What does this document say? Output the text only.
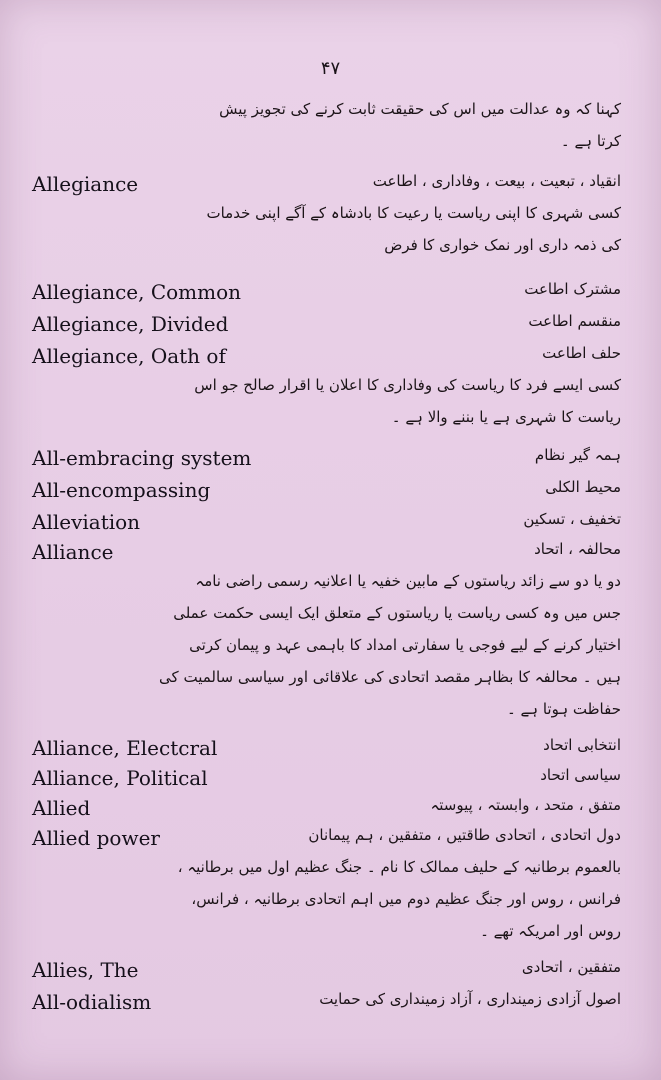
۴۷
کہنا کہ وہ عدالت میں اس کی حقیقت ثابت کرنے کی تجویز پیش
کرتا ہے ۔
Allegiance	انقیاد ، تبعیت ، بیعت ، وفاداری ، اطاعت
کسی شہری کا اپنی ریاست یا رعیت کا بادشاہ کے آگے اپنی خدمات
کی ذمہ داری اور نمک خواری کا فرض
Allegiance, Common	مشترک اطاعت
Allegiance, Divided	منقسم اطاعت
Allegiance, Oath of	حلف اطاعت
کسی ایسے فرد کا ریاست کی وفاداری کا اعلان یا اقرار صالح جو اس
ریاست کا شہری ہے یا بننے والا ہے ۔
All-embracing system	ہمہ گیر نظام
All-encompassing	محیط الکلی
Alleviation	تخفیف ، تسکین
Alliance	محالفہ ، اتحاد
دو یا دو سے زائد ریاستوں کے مابین خفیہ یا اعلانیہ رسمی راضی نامہ
جس میں وہ کسی ریاست یا ریاستوں کے متعلق ایک ایسی حکمت عملی
اختیار کرنے کے لیے فوجی یا سفارتی امداد کا باہمی عہد و پیمان کرتی
ہیں ۔ محالفہ کا بظاہر مقصد اتحادی کی علاقائی اور سیاسی سالمیت کی
حفاظت ہوتا ہے ۔
Alliance, Electcral	انتخابی اتحاد
Alliance, Political	سیاسی اتحاد
Allied	متفق ، متحد ، وابستہ ، پیوستہ
Allied power	دول اتحادی ، اتحادی طاقتیں ، متفقین ، ہم پیمانان
بالعموم برطانیہ کے حلیف ممالک کا نام ۔ جنگ عظیم اول میں برطانیہ ،
فرانس ، روس اور جنگ عظیم دوم میں اہم اتحادی برطانیہ ، فرانس،
روس اور امریکہ تھے ۔
Allies, The	متفقین ، اتحادی
All-odialism	اصول آزادی زمینداری ، آزاد زمینداری کی حمایت
